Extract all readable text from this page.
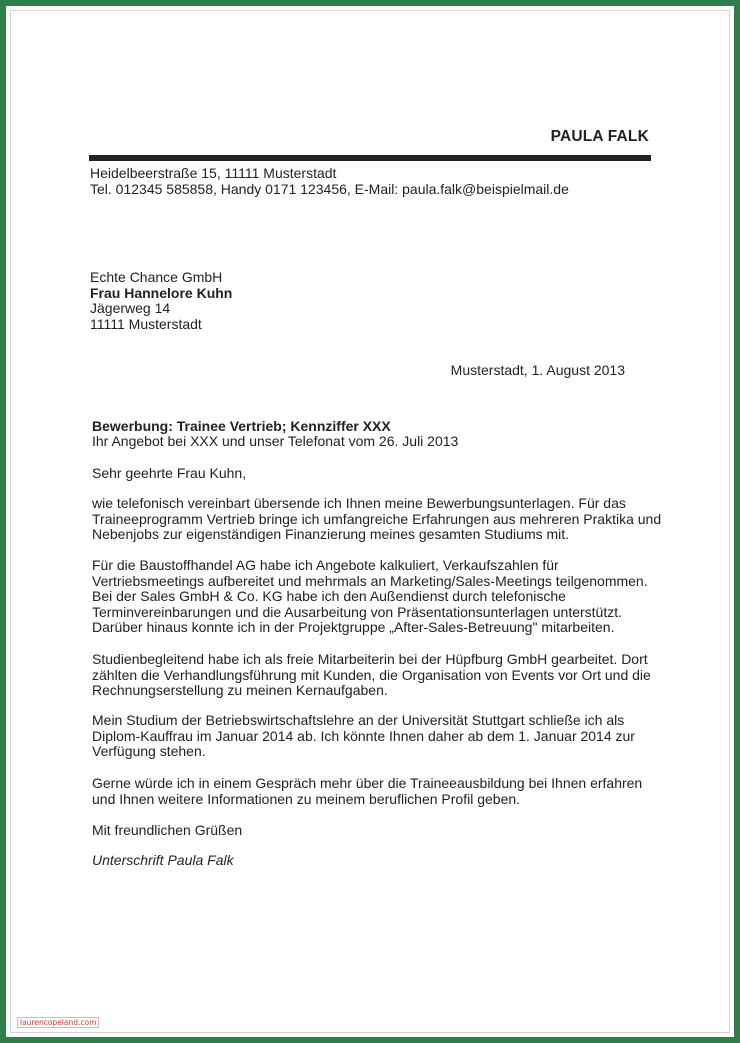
PAULA FALK
Heidelbeerstraße 15, 11111 Musterstadt
Tel. 012345 585858, Handy 0171 123456, E-Mail: paula.falk@beispielmail.de
Echte Chance GmbH
Frau Hannelore Kuhn
Jägerweg 14
11111 Musterstadt
Musterstadt, 1. August 2013
Bewerbung: Trainee Vertrieb; Kennziffer XXX
Ihr Angebot bei XXX und unser Telefonat vom 26. Juli 2013
Sehr geehrte Frau Kuhn,
wie telefonisch vereinbart übersende ich Ihnen meine Bewerbungsunterlagen. Für das
Traineeprogramm Vertrieb bringe ich umfangreiche Erfahrungen aus mehreren Praktika und
Nebenjobs zur eigenständigen Finanzierung meines gesamten Studiums mit.
Für die Baustoffhandel AG habe ich Angebote kalkuliert, Verkaufszahlen für
Vertriebsmeetings aufbereitet und mehrmals an Marketing/Sales-Meetings teilgenommen.
Bei der Sales GmbH & Co. KG habe ich den Außendienst durch telefonische
Terminvereinbarungen und die Ausarbeitung von Präsentationsunterlagen unterstützt.
Darüber hinaus konnte ich in der Projektgruppe „After-Sales-Betreuung" mitarbeiten.
Studienbegleitend habe ich als freie Mitarbeiterin bei der Hüpfburg GmbH gearbeitet. Dort
zählten die Verhandlungsführung mit Kunden, die Organisation von Events vor Ort und die
Rechnungserstellung zu meinen Kernaufgaben.
Mein Studium der Betriebswirtschaftslehre an der Universität Stuttgart schließe ich als
Diplom-Kauffrau im Januar 2014 ab. Ich könnte Ihnen daher ab dem 1. Januar 2014 zur
Verfügung stehen.
Gerne würde ich in einem Gespräch mehr über die Traineeausbildung bei Ihnen erfahren
und Ihnen weitere Informationen zu meinem beruflichen Profil geben.
Mit freundlichen Grüßen
Unterschrift Paula Falk
laurencopeland.com
